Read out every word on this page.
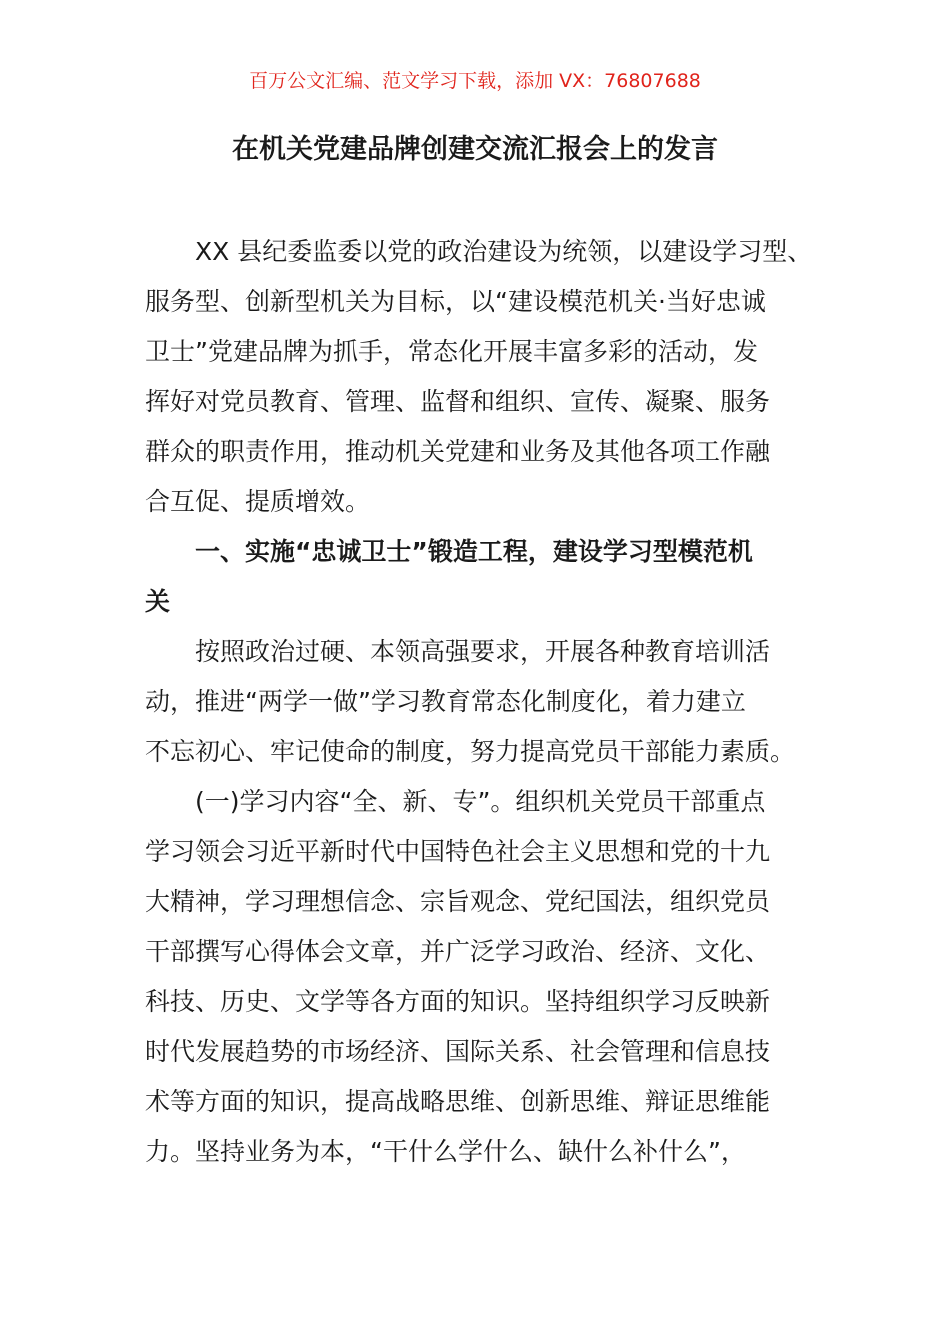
百万公文汇编、范文学习下载，添加 VX：76807688
在机关党建品牌创建交流汇报会上的发言
XX 县纪委监委以党的政治建设为统领，以建设学习型、
服务型、创新型机关为目标，以“建设模范机关·当好忠诚
卫士”党建品牌为抓手，常态化开展丰富多彩的活动，发
挥好对党员教育、管理、监督和组织、宣传、凝聚、服务
群众的职责作用，推动机关党建和业务及其他各项工作融
合互促、提质增效。
一、实施“忠诚卫士”锻造工程，建设学习型模范机
关
按照政治过硬、本领高强要求，开展各种教育培训活
动，推进“两学一做”学习教育常态化制度化，着力建立
不忘初心、牢记使命的制度，努力提高党员干部能力素质。
(一)学习内容“全、新、专”。组织机关党员干部重点
学习领会习近平新时代中国特色社会主义思想和党的十九
大精神，学习理想信念、宗旨观念、党纪国法，组织党员
干部撰写心得体会文章，并广泛学习政治、经济、文化、
科技、历史、文学等各方面的知识。坚持组织学习反映新
时代发展趋势的市场经济、国际关系、社会管理和信息技
术等方面的知识，提高战略思维、创新思维、辩证思维能
力。坚持业务为本，“干什么学什么、缺什么补什么”，
